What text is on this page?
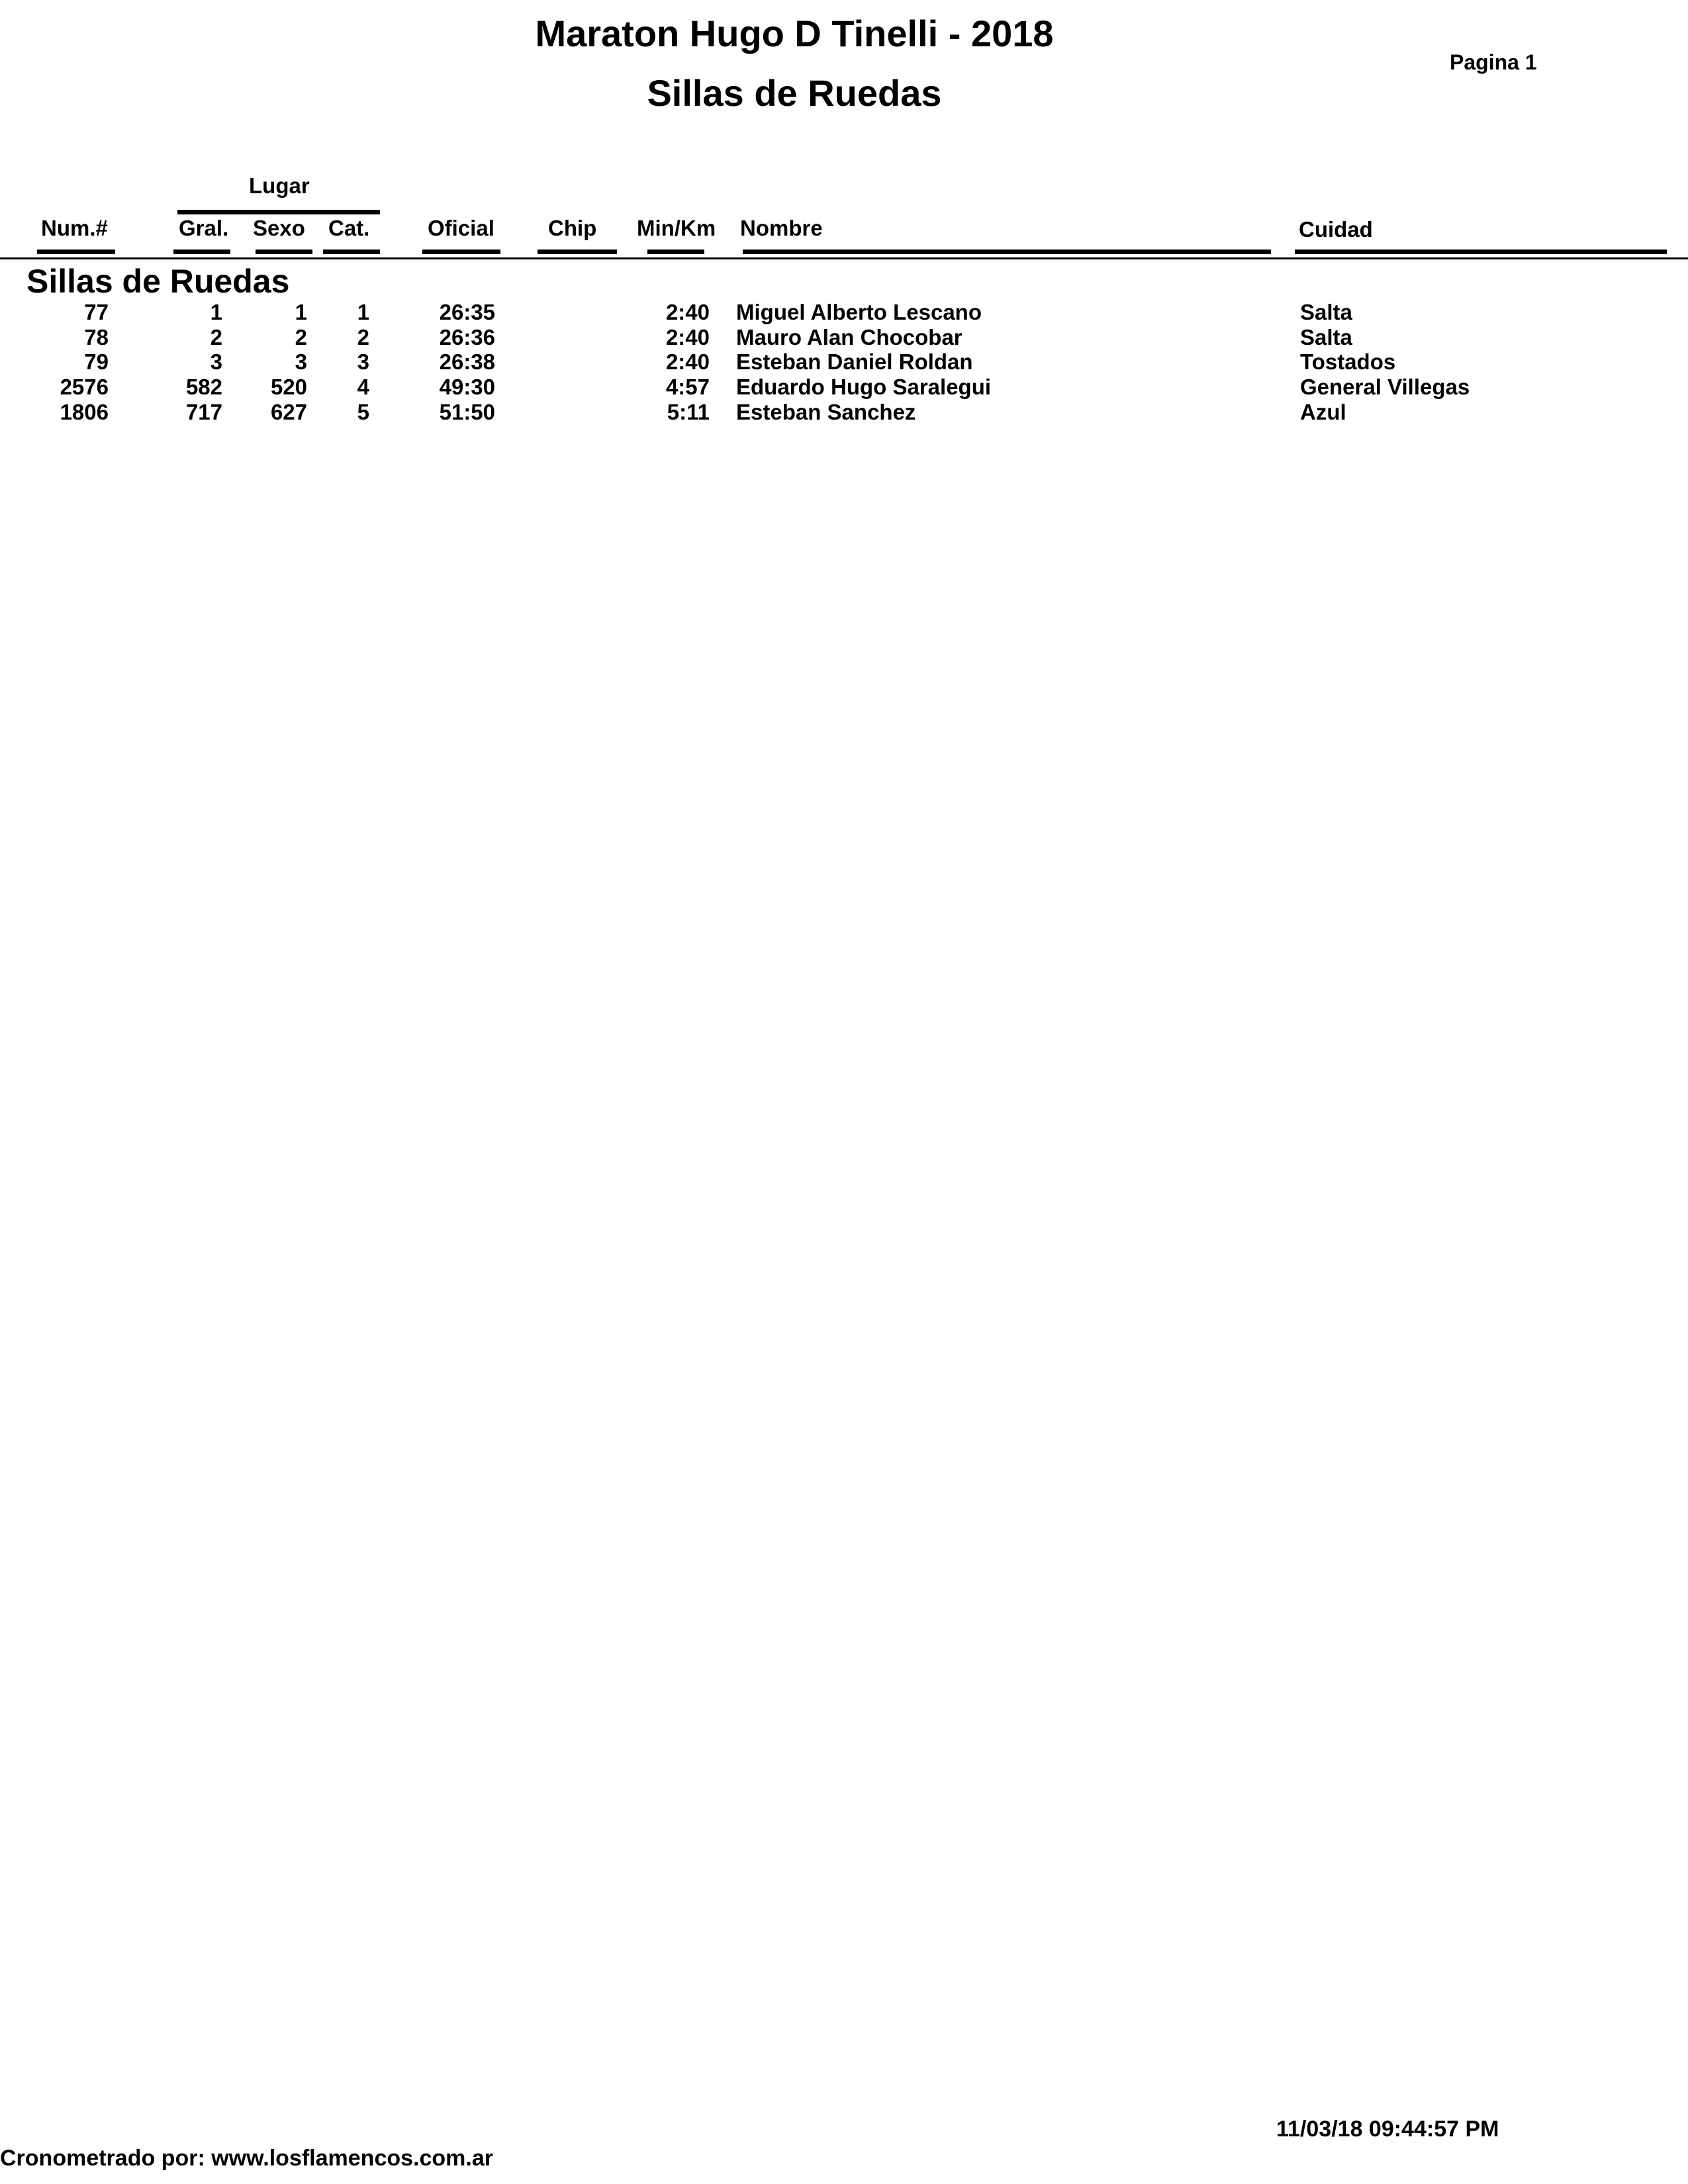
Maraton Hugo D Tinelli - 2018
Sillas de Ruedas
Pagina 1
Lugar
Num.#	Gral. Sexo Cat.	Oficial Chip Min/Km Nombre	Cuidad
Sillas de Ruedas
77	1	1	1	26:35	2:40 Miguel Alberto Lescano	Salta
78	2	2	2	26:36	2:40 Mauro Alan Chocobar	Salta
79	3	3	3	26:38	2:40 Esteban Daniel Roldan	Tostados
2576	582	520	4	49:30	4:57 Eduardo Hugo Saralegui	General Villegas
1806	717	627	5	51:50	5:11 Esteban Sanchez	Azul
11/03/18 09:44:57 PM
Cronometrado por: www.losflamencos.com.ar
